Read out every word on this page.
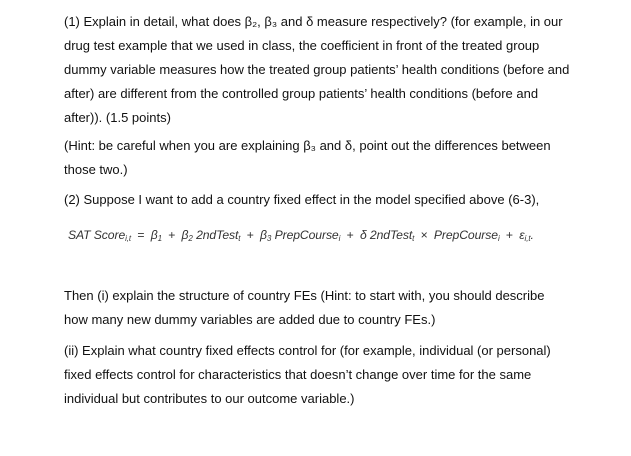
(1) Explain in detail, what does β₂, β₃ and δ measure respectively? (for example, in our
drug test example that we used in class, the coefficient in front of the treated group
dummy variable measures how the treated group patients’ health conditions (before and
after) are different from the controlled group patients’ health conditions (before and
after)). (1.5 points)

(Hint: be careful when you are explaining β₃ and δ, point out the differences between
those two.)

(2) Suppose I want to add a country fixed effect in the model specified above (6-3),

SAT Score$_{i,t}$ = $\beta_1 + \beta_2$ 2ndTest$_t$ + $\beta_3$ PrepCourse$_i$ + δ 2ndTest$_t$ × PrepCourse$_i$ + $\varepsilon_{i,t}$.

Then (i) explain the structure of country FEs (Hint: to start with, you should describe
how many new dummy variables are added due to country FEs.)

(ii) Explain what country fixed effects control for (for example, individual (or personal)
fixed effects control for characteristics that doesn’t change over time for the same
individual but contributes to our outcome variable.)
